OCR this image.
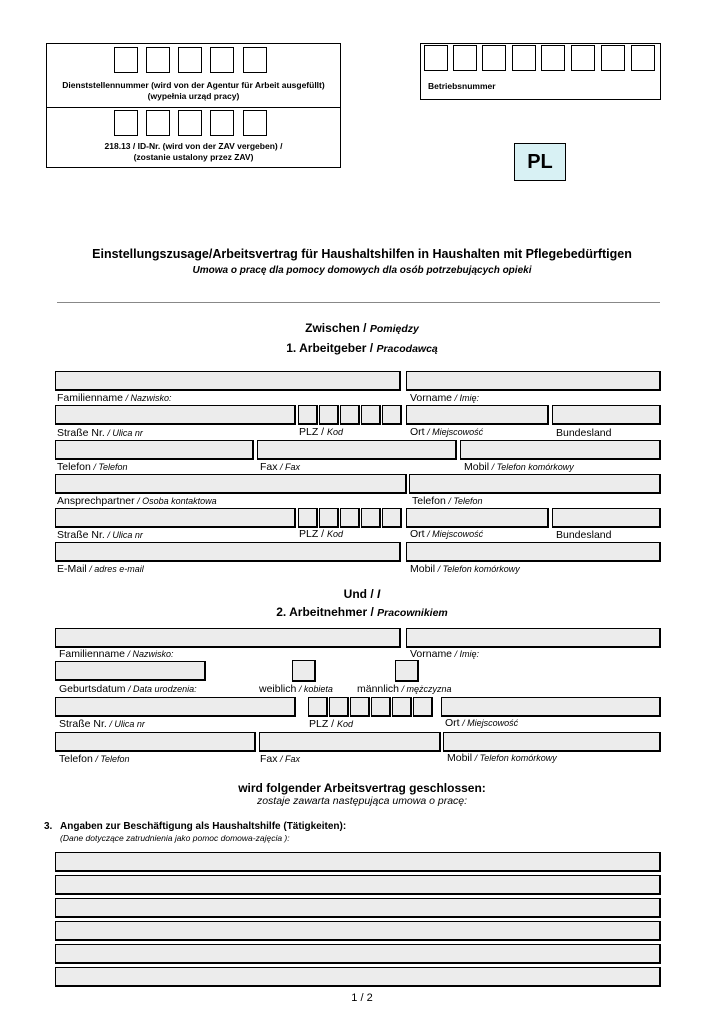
Dienststellennummer (wird von der Agentur für Arbeit ausgefüllt)
(wypełnia urząd pracy)
218.13 / ID-Nr. (wird von der ZAV vergeben) /
(zostanie ustalony przez ZAV)
Betriebsnummer
PL
Einstellungszusage/Arbeitsvertrag für Haushaltshilfen in Haushalten mit Pflegebedürftigen
Umowa o pracę dla pomocy domowych dla osób potrzebujących opieki
Zwischen / Pomiędzy
1. Arbeitgeber / Pracodawcą
Familienname / Nazwisko:	Vorname / Imię:
Straße Nr. / Ulica nr	PLZ / Kod	Ort / Miejscowość	Bundesland
Telefon / Telefon	Fax / Fax	Mobil / Telefon komórkowy
Ansprechpartner / Osoba kontaktowa	Telefon / Telefon
Straße Nr. / Ulica nr	PLZ / Kod	Ort / Miejscowość	Bundesland
E-Mail / adres e-mail	Mobil / Telefon komórkowy
Und / I
2. Arbeitnehmer / Pracownikiem
Familienname / Nazwisko:	Vorname / Imię:
Geburtsdatum / Data urodzenia:	weiblich / kobieta männlich / mężczyzna
Straße Nr. / Ulica nr	PLZ / Kod	Ort / Miejscowość
Telefon / Telefon	Fax / Fax	Mobil / Telefon komórkowy
wird folgender Arbeitsvertrag geschlossen:
zostaje zawarta następująca umowa o pracę:
3. Angaben zur Beschäftigung als Haushaltshilfe (Tätigkeiten):
(Dane dotyczące zatrudnienia jako pomoc domowa-zajęcia ):
1 / 2
